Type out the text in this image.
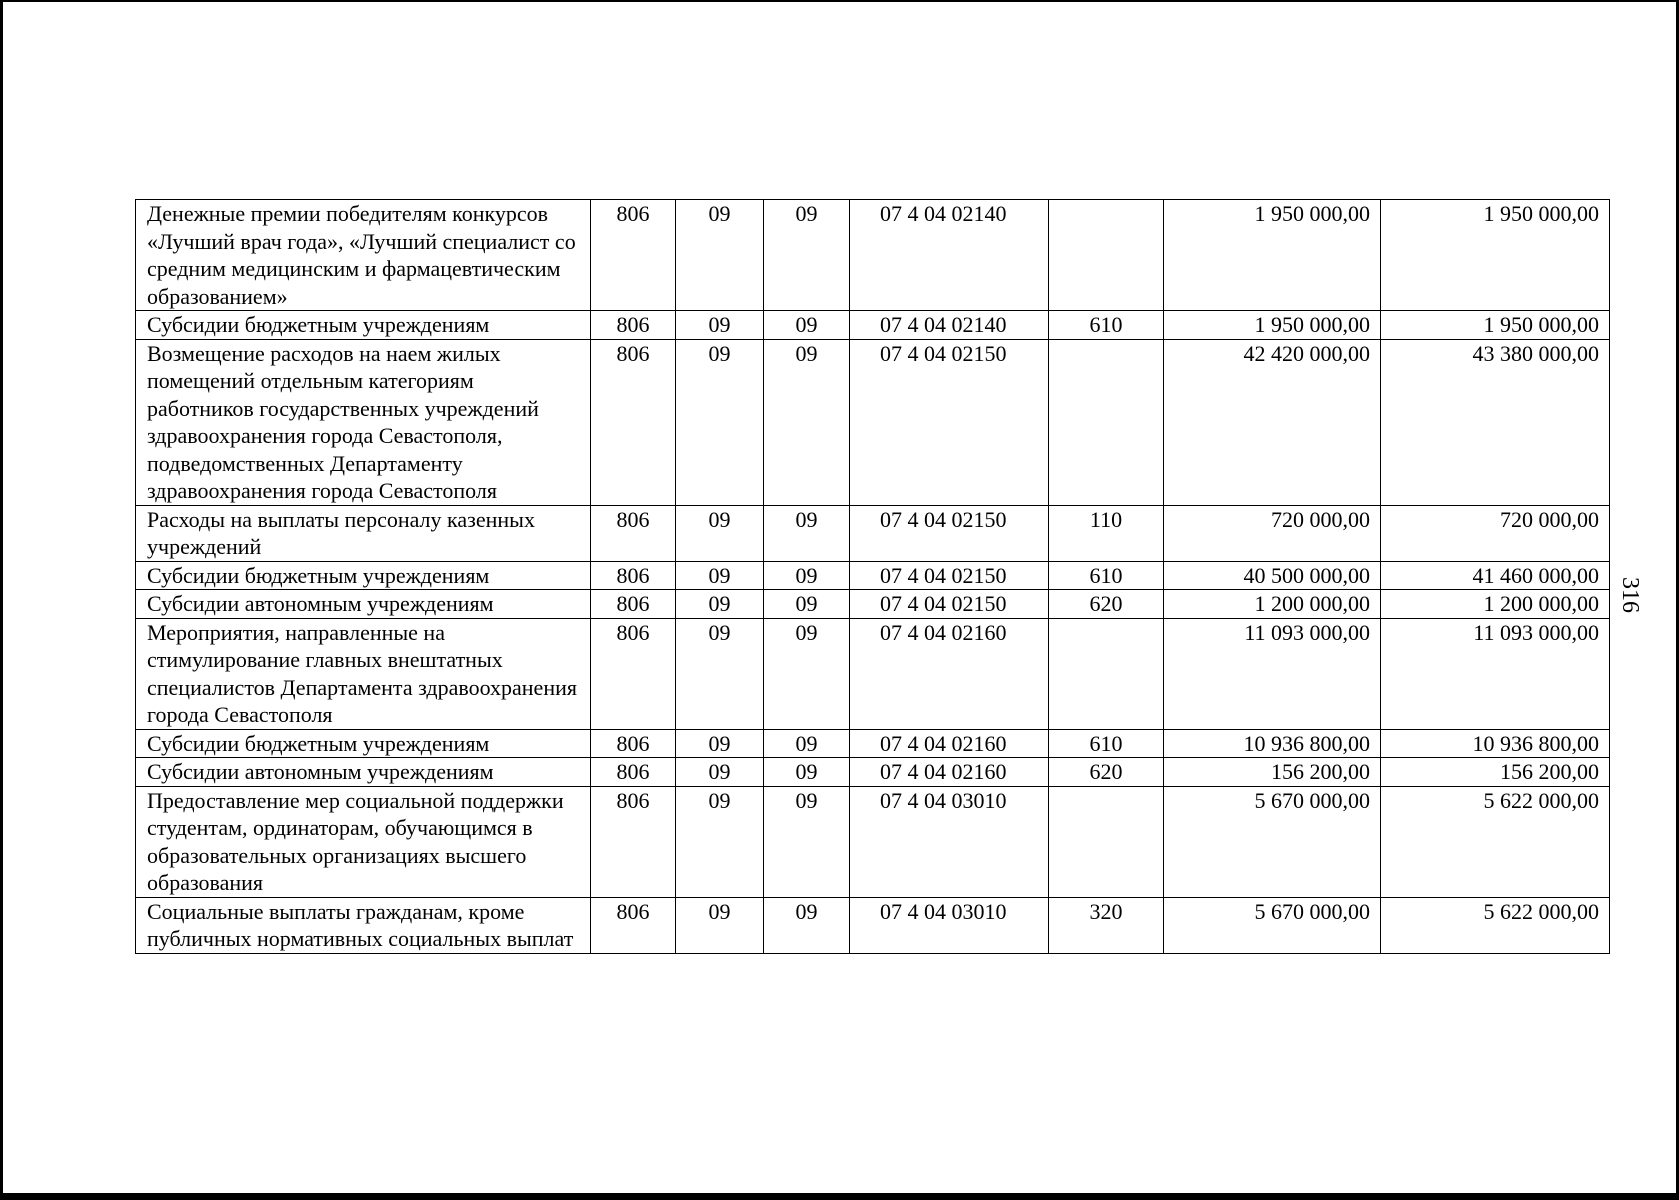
316
Денежные премии победителям конкурсов «Лучший врач года», «Лучший специалист со средним медицинским и фармацевтическим образованием»	806	09	09	07 4 04 02140		1 950 000,00	1 950 000,00
Субсидии бюджетным учреждениям	806	09	09	07 4 04 02140	610	1 950 000,00	1 950 000,00
Возмещение расходов на наем жилых помещений отдельным категориям работников государственных учреждений здравоохранения города Севастополя, подведомственных Департаменту здравоохранения города Севастополя	806	09	09	07 4 04 02150		42 420 000,00	43 380 000,00
Расходы на выплаты персоналу казенных учреждений	806	09	09	07 4 04 02150	110	720 000,00	720 000,00
Субсидии бюджетным учреждениям	806	09	09	07 4 04 02150	610	40 500 000,00	41 460 000,00
Субсидии автономным учреждениям	806	09	09	07 4 04 02150	620	1 200 000,00	1 200 000,00
Мероприятия, направленные на стимулирование главных внештатных специалистов Департамента здравоохранения города Севастополя	806	09	09	07 4 04 02160		11 093 000,00	11 093 000,00
Субсидии бюджетным учреждениям	806	09	09	07 4 04 02160	610	10 936 800,00	10 936 800,00
Субсидии автономным учреждениям	806	09	09	07 4 04 02160	620	156 200,00	156 200,00
Предоставление мер социальной поддержки студентам, ординаторам, обучающимся в образовательных организациях высшего образования	806	09	09	07 4 04 03010		5 670 000,00	5 622 000,00
Социальные выплаты гражданам, кроме публичных нормативных социальных выплат	806	09	09	07 4 04 03010	320	5 670 000,00	5 622 000,00
